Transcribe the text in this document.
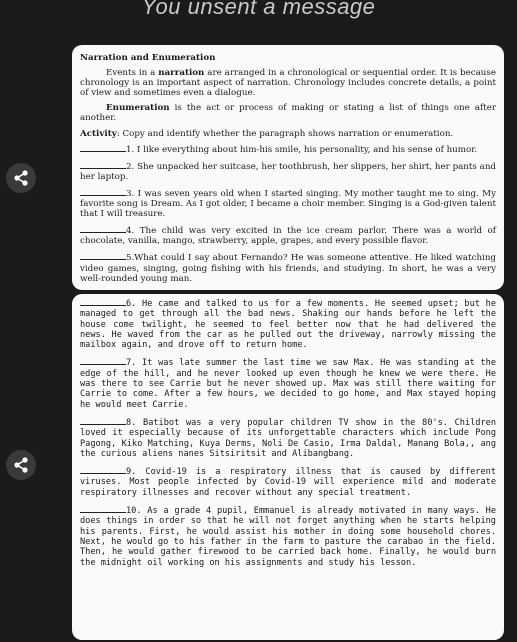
You unsent a message
Narration and Enumeration
Events in a narration are arranged in a chronological or sequential order. It is because chronology is an important aspect of narration. Chronology includes concrete details, a point of view and sometimes even a dialogue.
Enumeration is the act or process of making or stating a list of things one after another.
Activity: Copy and identify whether the paragraph shows narration or enumeration.
1. I like everything about him-his smile, his personality, and his sense of humor.
2. She unpacked her suitcase, her toothbrush, her slippers, her shirt, her pants and her laptop.
3. I was seven years old when I started singing. My mother taught me to sing. My favorite song is Dream. As I got older, I became a choir member. Singing is a God-given talent that I will treasure.
4. The child was very excited in the ice cream parlor. There was a world of chocolate, vanilla, mango, strawberry, apple, grapes, and every possible flavor.
5.What could I say about Fernando? He was someone attentive. He liked watching video games, singing, going fishing with his friends, and studying. In short, he was a very well-rounded young man.
6. He came and talked to us for a few moments. He seemed upset; but he managed to get through all the bad news. Shaking our hands before he left the house come twilight, he seemed to feel better now that he had delivered the news. He waved from the car as he pulled out the driveway, narrowly missing the mailbox again, and drove off to return home.
7. It was late summer the last time we saw Max. He was standing at the edge of the hill, and he never looked up even though he knew we were there. He was there to see Carrie but he never showed up. Max was still there waiting for Carrie to come. After a few hours, we decided to go home, and Max stayed hoping he would meet Carrie.
8. Batibot was a very popular children TV show in the 80's. Children loved it especially because of its unforgettable characters which include Pong Pagong, Kiko Matching, Kuya Derms, Noli De Casio, Irma Daldal, Manang Bola,, ang the curious aliens nanes Sitsiritsit and Alibangbang.
9. Covid-19 is a respiratory illness that is caused by different viruses. Most people infected by Covid-19 will experience mild and moderate respiratory illnesses and recover without any special treatment.
10. As a grade 4 pupil, Emmanuel is already motivated in many ways. He does things in order so that he will not forget anything when he starts helping his parents. First, he would assist his mother in doing some household chores. Next, he would go to his father in the farm to pasture the carabao in the field. Then, he would gather firewood to be carried back home. Finally, he would burn the midnight oil working on his assignments and study his lesson.
